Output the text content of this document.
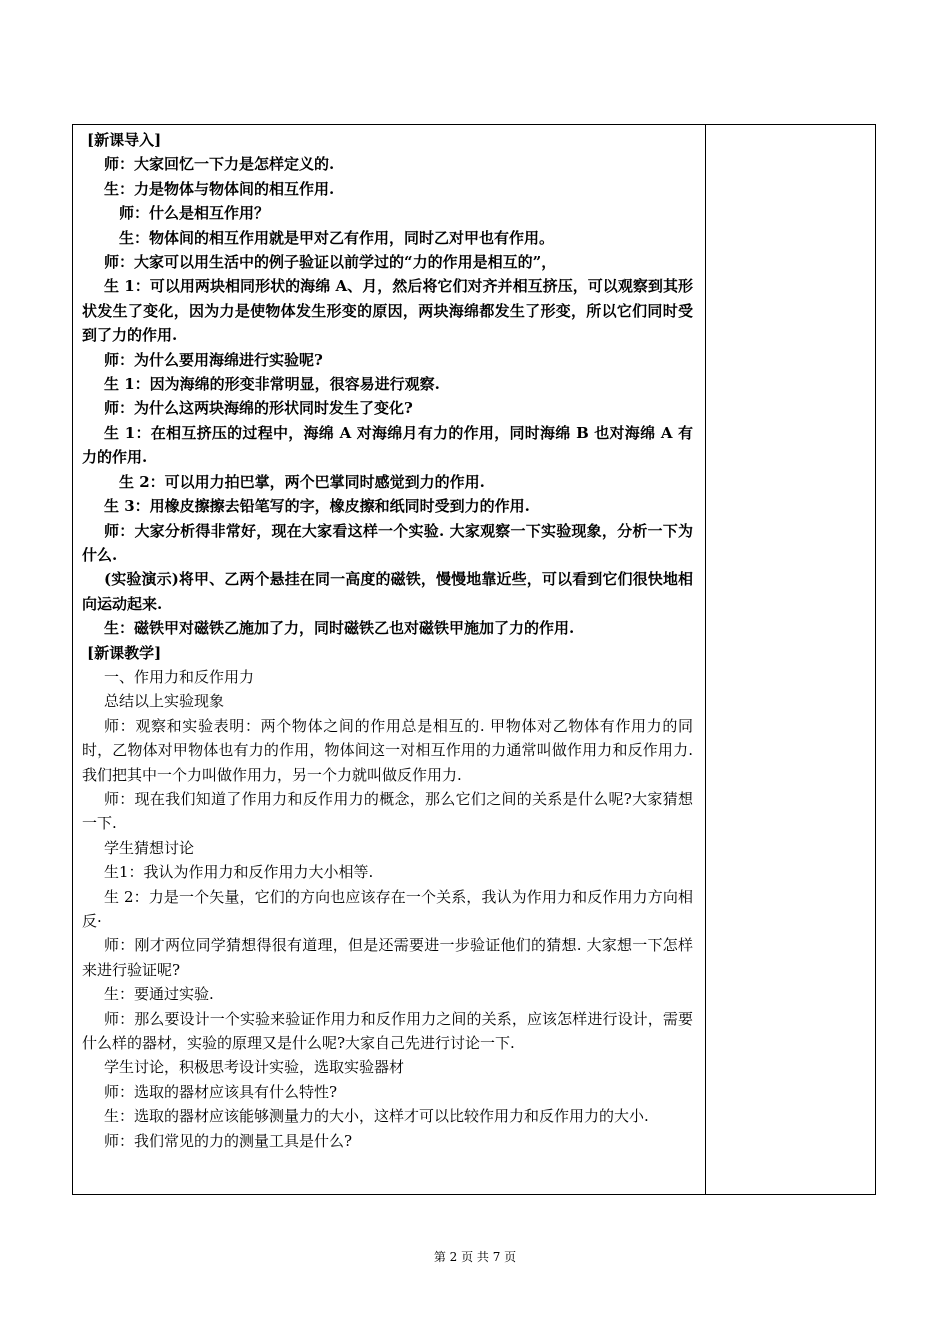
[新课导入]

师：大家回忆一下力是怎样定义的.

生：力是物体与物体间的相互作用.

师：什么是相互作用？

生：物体间的相互作用就是甲对乙有作用，同时乙对甲也有作用。

师：大家可以用生活中的例子验证以前学过的“力的作用是相互的”，

生 1：可以用两块相同形状的海绵 A、月，然后将它们对齐并相互挤压，可以观察到其形状发生了变化，因为力是使物体发生形变的原因，两块海绵都发生了形变，所以它们同时受到了力的作用.

师：为什么要用海绵进行实验呢?

生 1：因为海绵的形变非常明显，很容易进行观察.

师：为什么这两块海绵的形状同时发生了变化?

生 1：在相互挤压的过程中，海绵 A 对海绵月有力的作用，同时海绵 B 也对海绵 A 有力的作用.

生 2：可以用力拍巴掌，两个巴掌同时感觉到力的作用.

生 3：用橡皮擦擦去铅笔写的字，橡皮擦和纸同时受到力的作用.

师：大家分析得非常好，现在大家看这样一个实验. 大家观察一下实验现象，分析一下为什么.

(实验演示)将甲、乙两个悬挂在同一高度的磁铁，慢慢地靠近些，可以看到它们很快地相向运动起来.

生：磁铁甲对磁铁乙施加了力，同时磁铁乙也对磁铁甲施加了力的作用.

[新课教学]

一、作用力和反作用力

总结以上实验现象

师：观察和实验表明：两个物体之间的作用总是相互的. 甲物体对乙物体有作用力的同时，乙物体对甲物体也有力的作用，物体间这一对相互作用的力通常叫做作用力和反作用力. 我们把其中一个力叫做作用力，另一个力就叫做反作用力.

师：现在我们知道了作用力和反作用力的概念，那么它们之间的关系是什么呢?大家猜想一下.

学生猜想讨论

生1：我认为作用力和反作用力大小相等.

生 2：力是一个矢量，它们的方向也应该存在一个关系，我认为作用力和反作用力方向相反·

师：刚才两位同学猜想得很有道理，但是还需要进一步验证他们的猜想. 大家想一下怎样来进行验证呢?

生：要通过实验.

师：那么要设计一个实验来验证作用力和反作用力之间的关系，应该怎样进行设计，需要什么样的器材，实验的原理又是什么呢?大家自己先进行讨论一下.

学生讨论，积极思考设计实验，选取实验器材

师：选取的器材应该具有什么特性?

生：选取的器材应该能够测量力的大小，这样才可以比较作用力和反作用力的大小.

师：我们常见的力的测量工具是什么?

第 2 页 共 7 页
